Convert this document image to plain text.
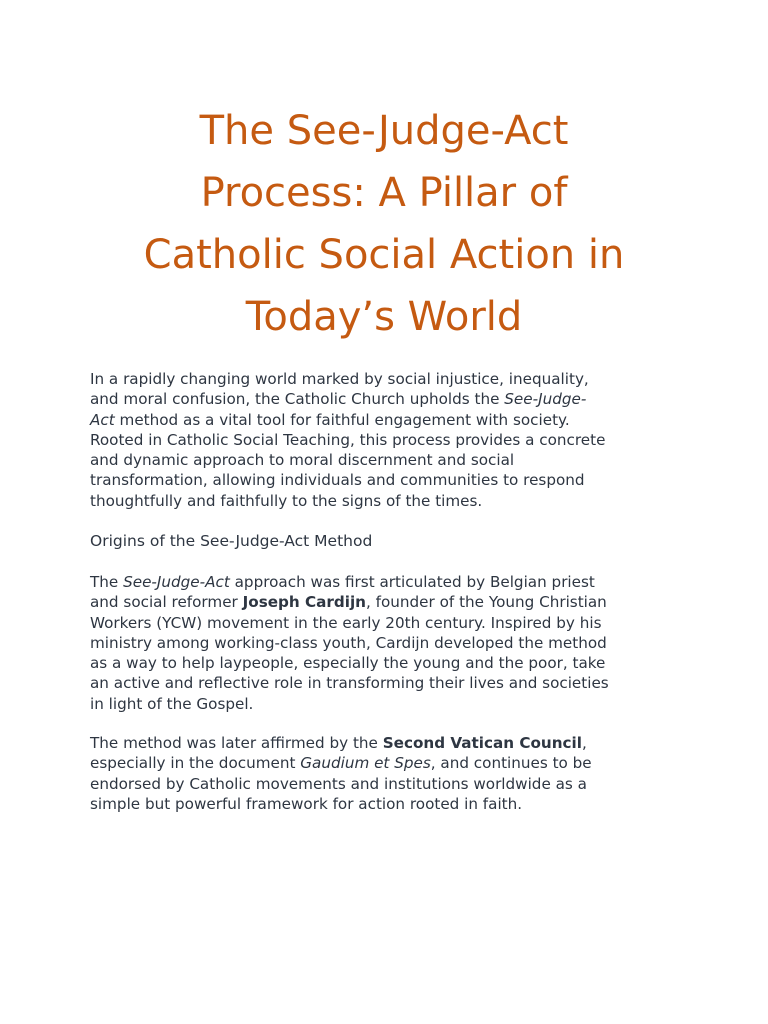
The See-Judge-Act
Process: A Pillar of
Catholic Social Action in
Today’s World

In a rapidly changing world marked by social injustice, inequality,
and moral confusion, the Catholic Church upholds the See-Judge-
Act method as a vital tool for faithful engagement with society.
Rooted in Catholic Social Teaching, this process provides a concrete
and dynamic approach to moral discernment and social
transformation, allowing individuals and communities to respond
thoughtfully and faithfully to the signs of the times.

Origins of the See-Judge-Act Method

The See-Judge-Act approach was first articulated by Belgian priest
and social reformer Joseph Cardijn, founder of the Young Christian
Workers (YCW) movement in the early 20th century. Inspired by his
ministry among working-class youth, Cardijn developed the method
as a way to help laypeople, especially the young and the poor, take
an active and reflective role in transforming their lives and societies
in light of the Gospel.

The method was later affirmed by the Second Vatican Council,
especially in the document Gaudium et Spes, and continues to be
endorsed by Catholic movements and institutions worldwide as a
simple but powerful framework for action rooted in faith.
